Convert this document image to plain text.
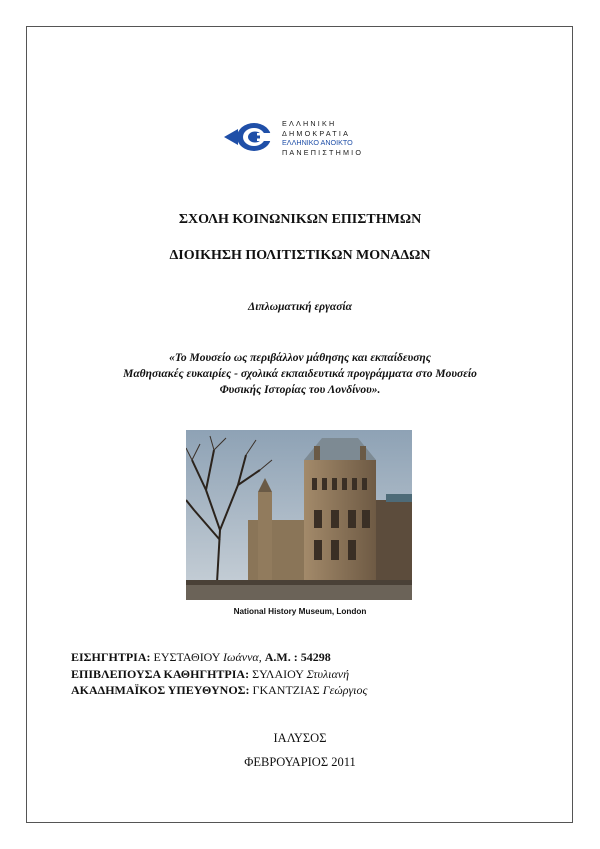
ΕΛΛΗΝΙΚΗ
ΔΗΜΟΚΡΑΤΙΑ
ΕΛΛΗΝΙΚΟ ΑΝΟΙΚΤΟ
ΠΑΝΕΠΙΣΤΗΜΙΟ
ΣΧΟΛΗ ΚΟΙΝΩΝΙΚΩΝ ΕΠΙΣΤΗΜΩΝ
ΔΙΟΙΚΗΣΗ ΠΟΛΙΤΙΣΤΙΚΩΝ ΜΟΝΑΔΩΝ
Διπλωματική εργασία
«Το Μουσείο ως περιβάλλον μάθησης και εκπαίδευσης
Μαθησιακές ευκαιρίες - σχολικά εκπαιδευτικά προγράμματα στο Μουσείο
Φυσικής Ιστορίας του Λονδίνου».
National History Museum, London
ΕΙΣΗΓΗΤΡΙΑ: ΕΥΣΤΑΘΙΟΥ Ιωάννα, Α.Μ. : 54298
ΕΠΙΒΛΕΠΟΥΣΑ ΚΑΘΗΓΗΤΡΙΑ: ΣΥΛΑΙΟΥ Στυλιανή
ΑΚΑΔΗΜΑΪΚΟΣ ΥΠΕΥΘΥΝΟΣ: ΓΚΑΝΤΖΙΑΣ Γεώργιος
ΙΑΛΥΣΟΣ
ΦΕΒΡΟΥΑΡΙΟΣ 2011
